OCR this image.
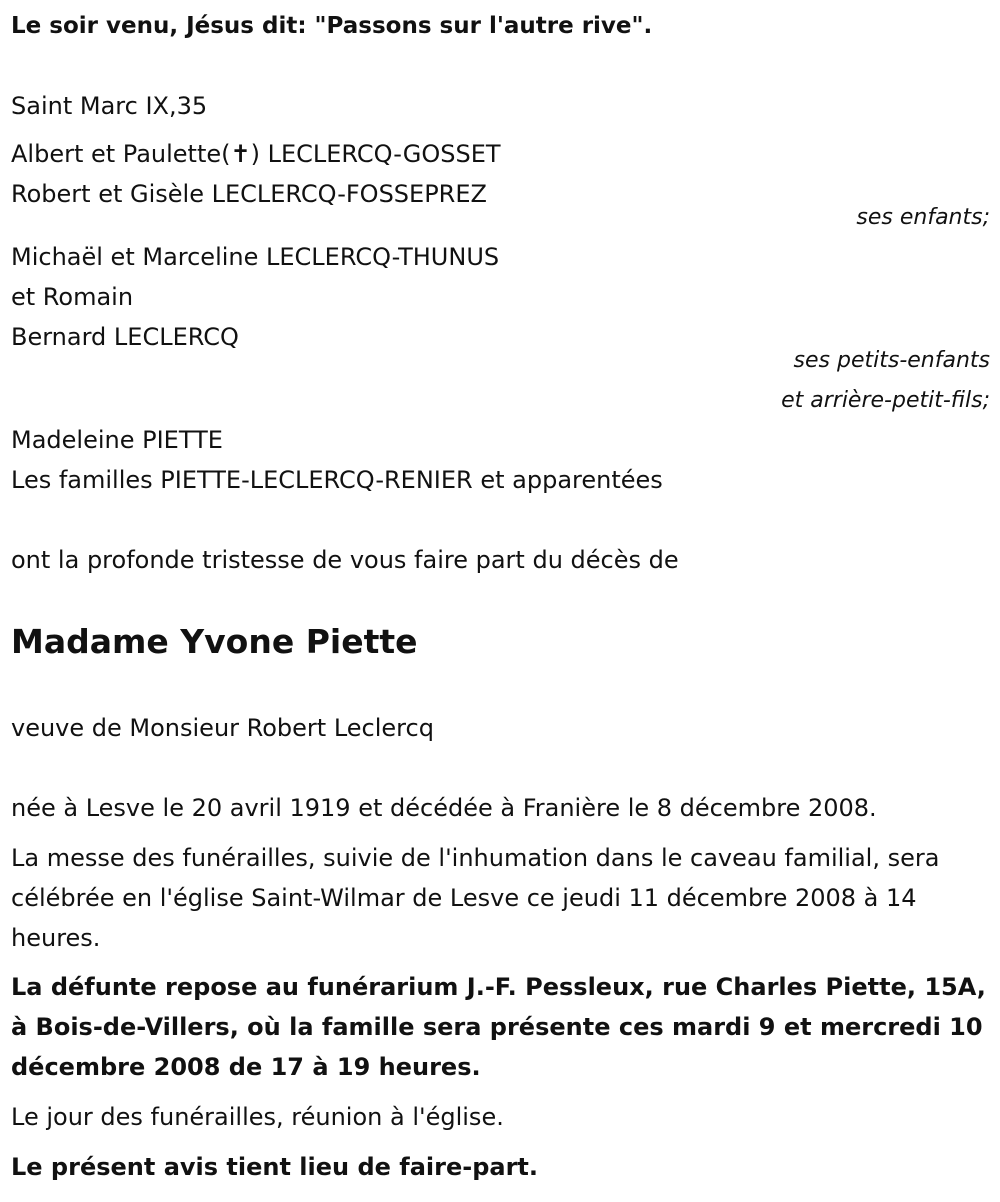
Le soir venu, Jésus dit: "Passons sur l'autre rive".
Saint Marc IX,35
Albert et Paulette(✝) LECLERCQ-GOSSET
Robert et Gisèle LECLERCQ-FOSSEPREZ
ses enfants;
Michaël et Marceline LECLERCQ-THUNUS
et Romain
Bernard LECLERCQ
ses petits-enfants
et arrière-petit-fils;
Madeleine PIETTE
Les familles PIETTE-LECLERCQ-RENIER et apparentées
ont la profonde tristesse de vous faire part du décès de
Madame Yvone Piette
veuve de Monsieur Robert Leclercq
née à Lesve le 20 avril 1919 et décédée à Franière le 8 décembre 2008.
La messe des funérailles, suivie de l'inhumation dans le caveau familial, sera célébrée en l'église Saint-Wilmar de Lesve ce jeudi 11 décembre 2008 à 14 heures.
La défunte repose au funérarium J.-F. Pessleux, rue Charles Piette, 15A, à Bois-de-Villers, où la famille sera présente ces mardi 9 et mercredi 10 décembre 2008 de 17 à 19 heures.
Le jour des funérailles, réunion à l'église.
Le présent avis tient lieu de faire-part.
